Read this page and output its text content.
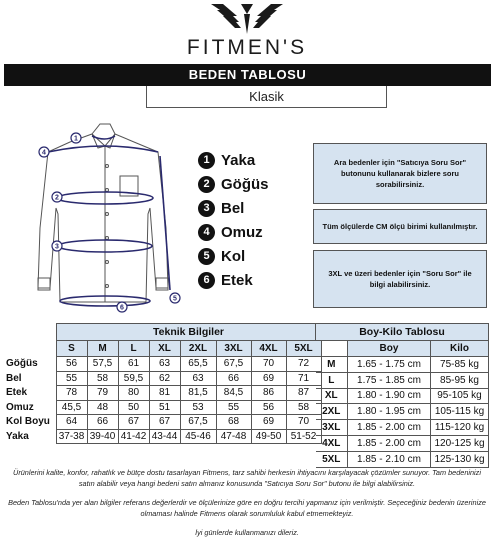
FITMEN'S
BEDEN TABLOSU
Klasik
1
2
3
4
5
6
1 Yaka
2 Göğüs
3 Bel
4 Omuz
5 Kol
6 Etek
Ara bedenler için "Satıcıya Soru Sor" butonunu kullanarak bizlere soru sorabilirsiniz.
Tüm ölçülerde CM ölçü birimi kullanılmıştır.
3XL ve üzeri bedenler için "Soru Sor" ile bilgi alabilirsiniz.
	Teknik Bilgiler							
	S	M	L	XL	2XL	3XL	4XL	5XL
Göğüs	56	57,5	61	63	65,5	67,5	70	72
Bel	55	58	59,5	62	63	66	69	71
Etek	78	79	80	81	81,5	84,5	86	87
Omuz	45,5	48	50	51	53	55	56	58
Kol Boyu	64	66	67	67	67,5	68	69	70
Yaka	37-38	39-40	41-42	43-44	45-46	47-48	49-50	51-52
Boy-Kilo Tablosu		
	Boy	Kilo
M	1.65 - 1.75 cm	75-85 kg
L	1.75 - 1.85 cm	85-95 kg
XL	1.80 - 1.90 cm	95-105 kg
2XL	1.80 - 1.95 cm	105-115 kg
3XL	1.85 - 2.00 cm	115-120 kg
4XL	1.85 - 2.00 cm	120-125 kg
5XL	1.85 - 2.10 cm	125-130 kg
Ürünlerini kalite, konfor, rahatlık ve bütçe dostu tasarlayan Fitmens, tarz sahibi herkesin ihtiyacını karşılayacak çözümler sunuyor. Tam bedeninizi satın alabilir veya hangi bedeni satın almanız konusunda "Satıcıya Soru Sor" butonu ile bilgi alabilirsiniz.
Beden Tablosu'nda yer alan bilgiler referans değerlerdir ve ölçülerinize göre en doğru tercihi yapmanız için verilmiştir. Seçeceğiniz bedenin üzerinize olmaması halinde Fitmens olarak sorumluluk kabul etmemekteyiz.
İyi günlerde kullanmanızı dileriz.
